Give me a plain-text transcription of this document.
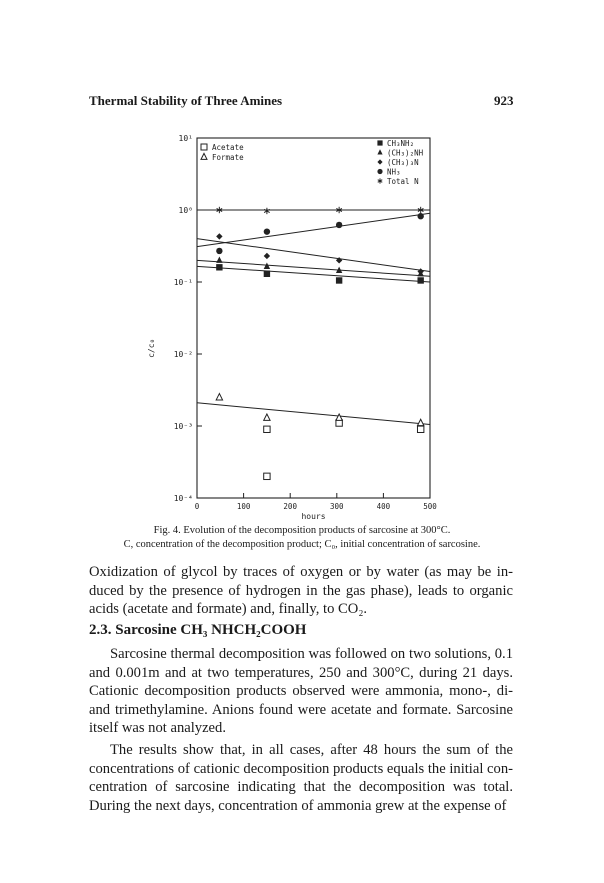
Thermal Stability of Three Amines	923
10¹
10⁰
10⁻¹
10⁻²
10⁻³
10⁻⁴
0	100	200	300	400	500
hours
c/c₀
Acetate
Formate
CH₃NH₂
(CH₃)₂NH
(CH₃)₃N
NH₃
Total N
Fig. 4. Evolution of the decomposition products of sarcosine at 300°C.
C, concentration of the decomposition product; C₀, initial concentration of sarcosine.
Oxidization of glycol by traces of oxygen or by water (as may be induced by the presence of hydrogen in the gas phase), leads to organic acids (acetate and formate) and, finally, to CO₂.
2.3. Sarcosine CH₃ NHCH₂COOH
Sarcosine thermal decomposition was followed on two solutions, 0.1 and 0.001m and at two temperatures, 250 and 300°C, during 21 days. Cationic decomposition products observed were ammonia, mono-, di-and trimethylamine. Anions found were acetate and formate. Sarcosine itself was not analyzed.
The results show that, in all cases, after 48 hours the sum of the concentrations of cationic decomposition products equals the initial concentration of sarcosine indicating that the decomposition was total. During the next days, concentration of ammonia grew at the expense of
